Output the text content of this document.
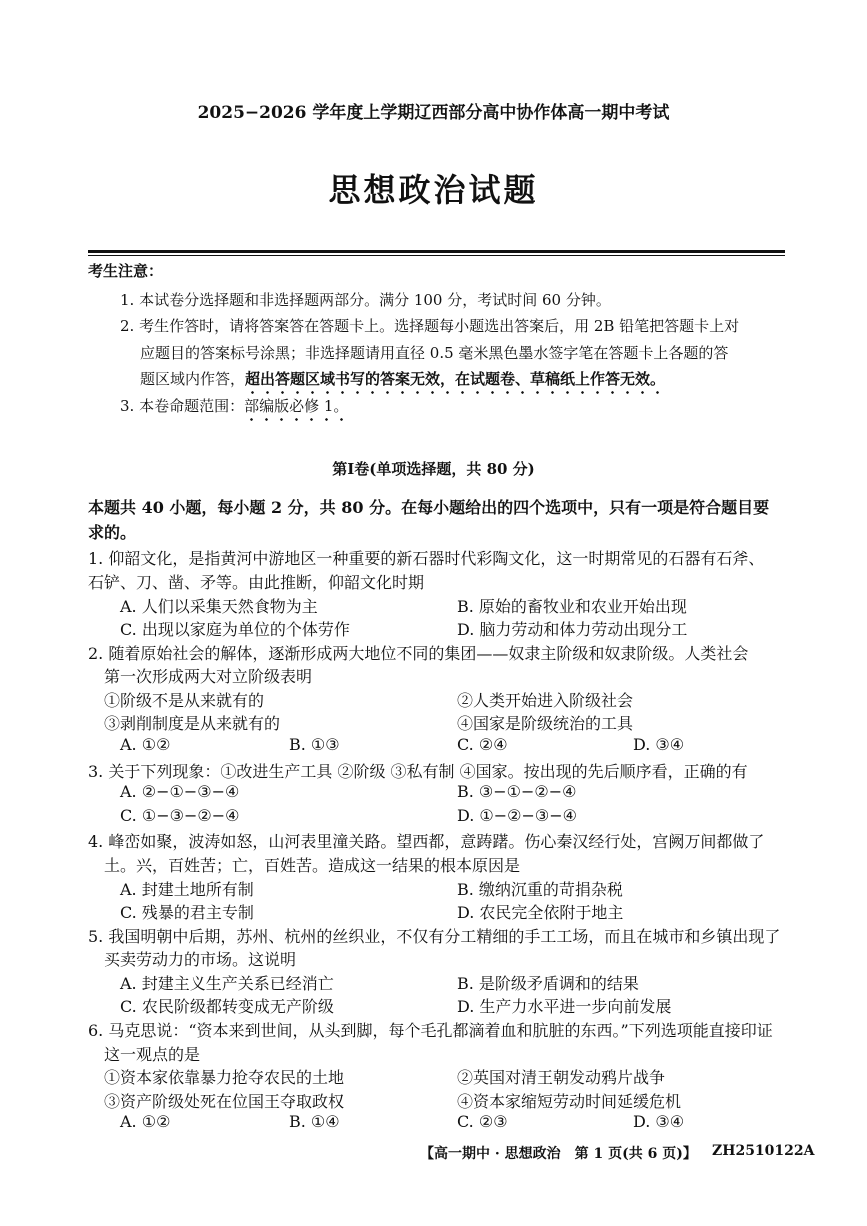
2025−2026 学年度上学期辽西部分高中协作体高一期中考试
思想政治试题
考生注意：
1. 本试卷分选择题和非选择题两部分。满分 100 分，考试时间 60 分钟。
2. 考生作答时，请将答案答在答题卡上。选择题每小题选出答案后，用 2B 铅笔把答题卡上对
应题目的答案标号涂黑；非选择题请用直径 0.5 毫米黑色墨水签字笔在答题卡上各题的答
题区域内作答，超出答题区域书写的答案无效，在试题卷、草稿纸上作答无效。
3. 本卷命题范围：部编版必修 1。
第Ⅰ卷(单项选择题，共 80 分)
本题共 40 小题，每小题 2 分，共 80 分。在每小题给出的四个选项中，只有一项是符合题目要
求的。
1. 仰韶文化，是指黄河中游地区一种重要的新石器时代彩陶文化，这一时期常见的石器有石斧、
石铲、刀、凿、矛等。由此推断，仰韶文化时期
A. 人们以采集天然食物为主	B. 原始的畜牧业和农业开始出现
C. 出现以家庭为单位的个体劳作	D. 脑力劳动和体力劳动出现分工
2. 随着原始社会的解体，逐渐形成两大地位不同的集团——奴隶主阶级和奴隶阶级。人类社会
第一次形成两大对立阶级表明
①阶级不是从来就有的	②人类开始进入阶级社会
③剥削制度是从来就有的	④国家是阶级统治的工具
A. ①②	B. ①③	C. ②④	D. ③④
3. 关于下列现象：①改进生产工具 ②阶级 ③私有制 ④国家。按出现的先后顺序看，正确的有
A. ②−①−③−④	B. ③−①−②−④
C. ①−③−②−④	D. ①−②−③−④
4. 峰峦如聚，波涛如怒，山河表里潼关路。望西都，意踌躇。伤心秦汉经行处，宫阙万间都做了
土。兴，百姓苦；亡，百姓苦。造成这一结果的根本原因是
A. 封建土地所有制	B. 缴纳沉重的苛捐杂税
C. 残暴的君主专制	D. 农民完全依附于地主
5. 我国明朝中后期，苏州、杭州的丝织业，不仅有分工精细的手工工场，而且在城市和乡镇出现了
买卖劳动力的市场。这说明
A. 封建主义生产关系已经消亡	B. 是阶级矛盾调和的结果
C. 农民阶级都转变成无产阶级	D. 生产力水平进一步向前发展
6. 马克思说：“资本来到世间，从头到脚，每个毛孔都滴着血和肮脏的东西。”下列选项能直接印证
这一观点的是
①资本家依靠暴力抢夺农民的土地	②英国对清王朝发动鸦片战争
③资产阶级处死在位国王夺取政权	④资本家缩短劳动时间延缓危机
A. ①②	B. ①④	C. ②③	D. ③④
【高一期中 · 思想政治　第 1 页(共 6 页)】 ZH2510122A
